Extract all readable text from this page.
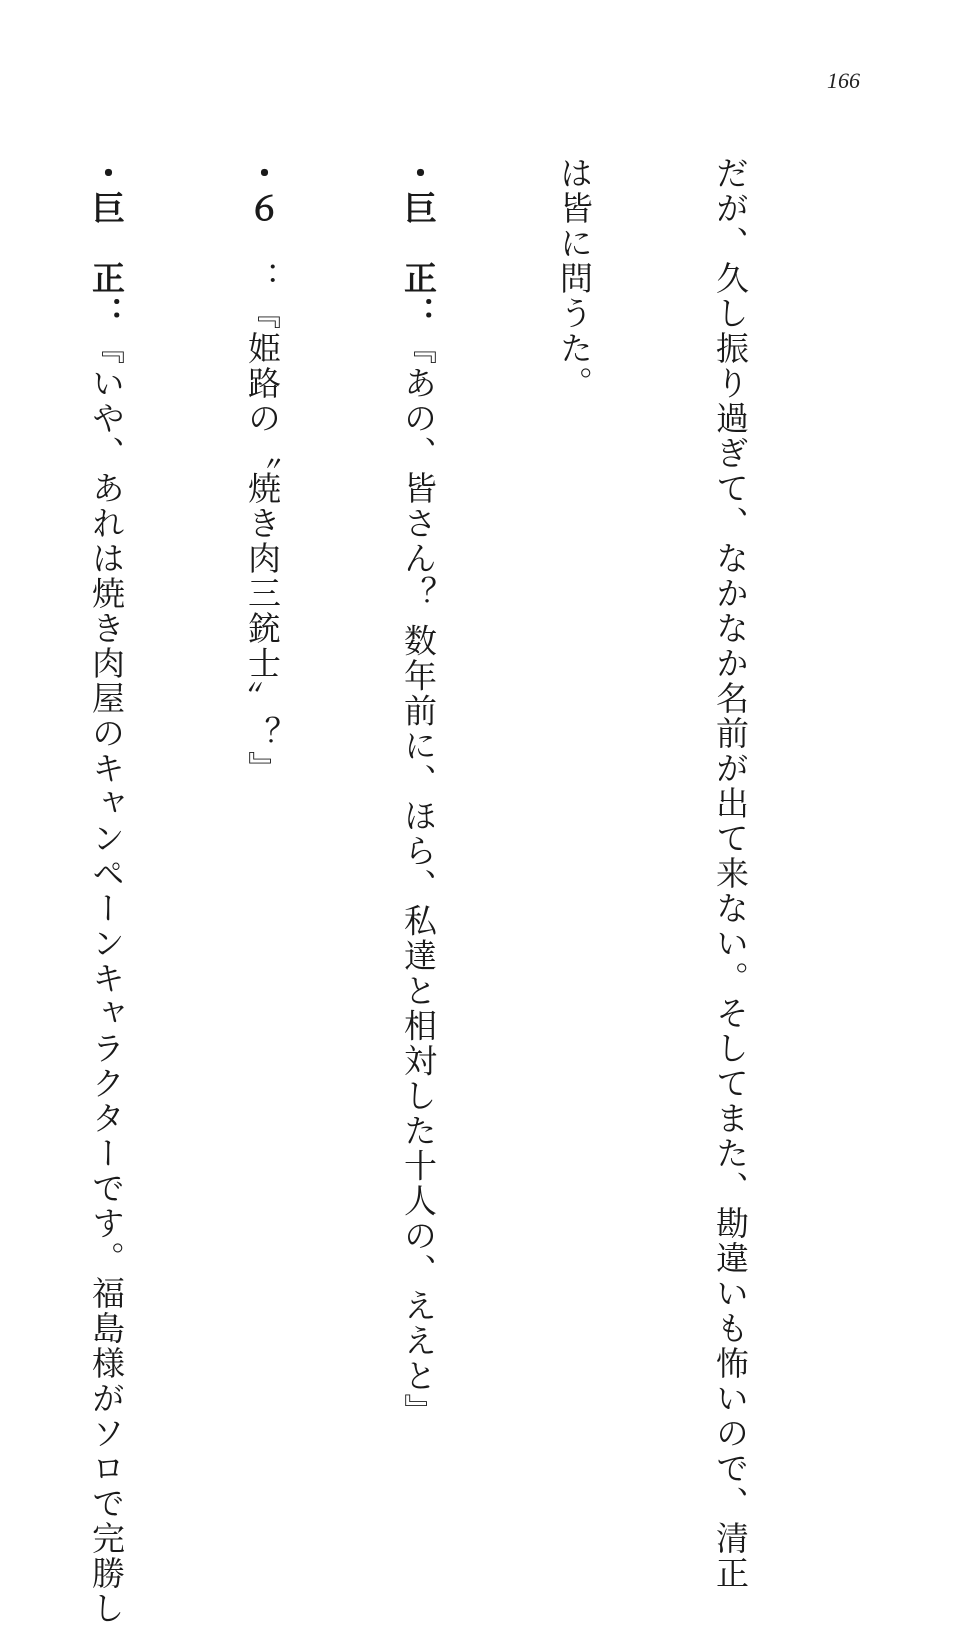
166

だが、久し振り過ぎて、なかなか名前が出て来ない。そしてまた、勘違いも怖いので、清正

は皆に問うた。

・巨　正：『あの、皆さん？ 数年前に、ほら、私達と相対した十人の、ええと』

・６　：『姫路の〝焼き肉三銃士〟？』

・巨　正：『いや、あれは焼き肉屋のキャンペーンキャラクターです。福島様がソロで完勝し
